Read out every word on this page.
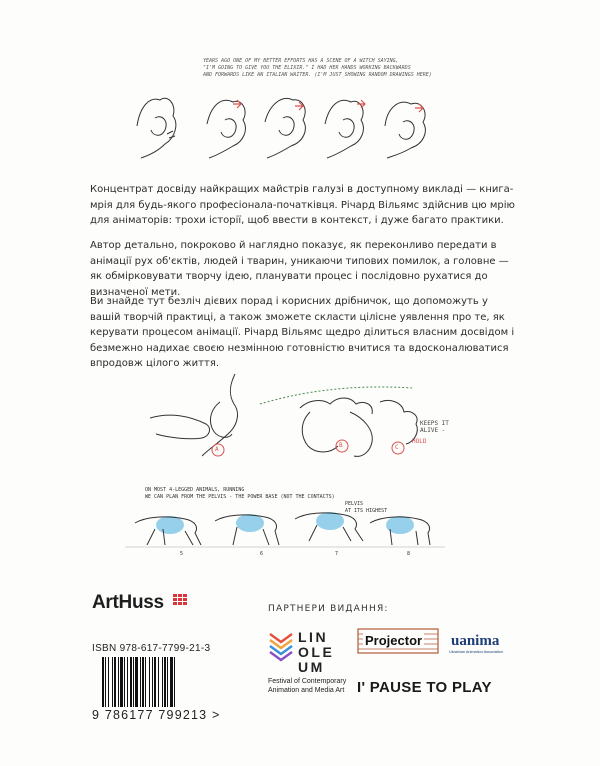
YEARS AGO ONE OF MY BETTER EFFORTS HAS A SCENE OF A WITCH SAYING,
"I'M GOING TO GIVE YOU THE ELIXIR." I HAD HER HANDS WORKING BACKWARDS
AND FORWARDS LIKE AN ITALIAN WAITER. (I'M JUST SHOWING RANDOM DRAWINGS HERE)

Концентрат досвіду найкращих майстрів галузі в доступному викладі — книга-мрія для будь-якого професіонала-початківця. Річард Вільямс здійснив цю мрію для аніматорів: трохи історії, щоб ввести в контекст, і дуже багато практики.

Автор детально, покроково й наглядно показує, як переконливо передати в анімації рух об'єктів, людей і тварин, уникаючи типових помилок, а головне — як обмірковувати творчу ідею, планувати процес і послідовно рухатися до визначеної мети.

Ви знайде тут безліч дієвих порад і корисних дрібничок, що допоможуть у вашій творчій практиці, а також зможете скласти цілісне уявлення про те, як керувати процесом анімації. Річард Вільямс щедро ділиться власним досвідом і безмежно надихає своєю незмінною готовністю вчитися та вдосконалюватися впродовж цілого життя.

A
B	C
KEEPS IT ALIVE -
HOLD
ON MOST 4-LEGGED ANIMALS, RUNNING
WE CAN PLAN FROM THE PELVIS - THE POWER BASE (NOT THE CONTACTS)
PELVIS
AT ITS HIGHEST
5	6	7	8
ArtHuss	ПАРТНЕРИ ВИДАННЯ:
ISBN 978-617-7799-21-3
9 786177 799213 >
LIN
OLE
UM
Festival of Contemporary
Animation and Media Art
Projector uanima
Ukrainian Animation Association
I' PAUSE TO PLAY
